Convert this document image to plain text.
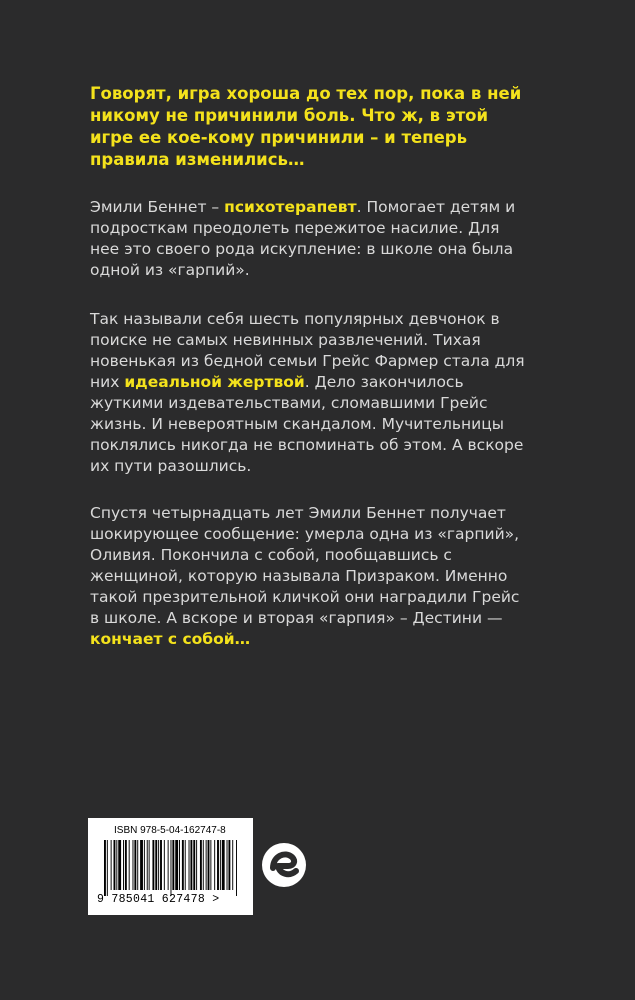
Говорят, игра хороша до тех пор, пока в ней никому не причинили боль. Что ж, в этой игре ее кое-кому причинили – и теперь правила изменились…

Эмили Беннет – психотерапевт. Помогает детям и подросткам преодолеть пережитое насилие. Для нее это своего рода искупление: в школе она была одной из «гарпий».

Так называли себя шесть популярных девчонок в поиске не самых невинных развлечений. Тихая новенькая из бедной семьи Грейс Фармер стала для них идеальной жертвой. Дело закончилось жуткими издевательствами, сломавшими Грейс жизнь. И невероятным скандалом. Мучительницы поклялись никогда не вспоминать об этом. А вскоре их пути разошлись.

Спустя четырнадцать лет Эмили Беннет получает шокирующее сообщение: умерла одна из «гарпий», Оливия. Покончила с собой, пообщавшись с женщиной, которую называла Призраком. Именно такой презрительной кличкой они наградили Грейс в школе. А вскоре и вторая «гарпия» – Дестини — кончает с собой…

ISBN 978-5-04-162747-8
9 785041 627478 >
